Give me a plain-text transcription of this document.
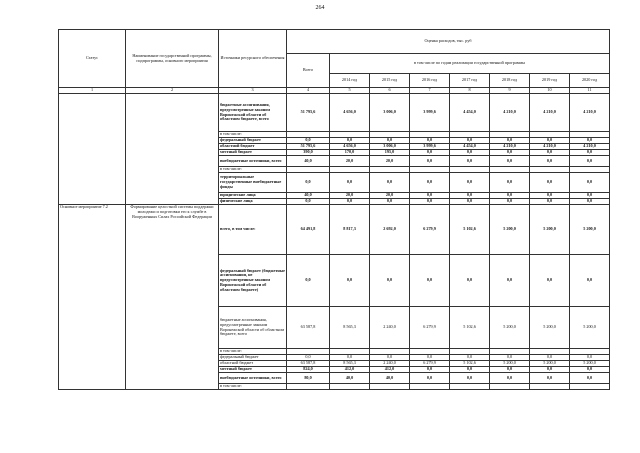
264
Статус	Наименование государственной программы, подпрограммы, основного мероприятия	Источники ресурсного обеспечения	Оценка расходов, тыс. руб							
			Всего	в том числе по годам реализации государственной программы						
				2014 год	2015 год	2016 год	2017 год	2018 год	2019 год	2020 год
1	2	3	4	5	6	7	8	9	10	11
		бюджетные ассигнования, предусмотренные законом Воронежской области об областном бюджете, всего	51 795,6	4 656,0	3 006,0	3 999,6	4 454,0	4 210,0	4 210,0	4 210,0
		в том числе:								
		федеральный бюджет	0,0	0,0	0,0	0,0	0,0	0,0	0,0	0,0
		областной бюджет	51 795,6	4 656,0	3 006,0	3 999,6	4 454,0	4 210,0	4 210,0	4 210,0
		местный бюджет	390,0	170,0	195,0	0,0	0,0	0,0	0,0	0,0
		внебюджетные источники, всего	40,0	20,0	20,0	0,0	0,0	0,0	0,0	0,0
		в том числе:								
		территориальные государственные внебюджетные фонды	0,0	0,0	0,0	0,0	0,0	0,0	0,0	0,0
		юридические лица	40,0	20,0	20,0	0,0	0,0	0,0	0,0	0,0
		физические лица	0,0	0,0	0,0	0,0	0,0	0,0	0,0	0,0
Основное мероприятие 7.2	Формирование целостной системы поддержки молодежи и подготовки его к службе в Вооруженных Силах Российской Федерации	всего, в том числе:	64 491,8	8 817,3	2 692,0	6 279,9	5 102,6	5 200,0	5 200,0	5 200,0
		федеральный бюджет (бюджетные ассигнования, не предусмотренные законом Воронежской области об областном бюджете)	0,0	0,0	0,0	0,0	0,0	0,0	0,0	0,0
		бюджетные ассигнования, предусмотренные законом Воронежской области об областном бюджете, всего	63 587,8	8 565,3	2 240,0	6 279,9	5 102,6	5 200,0	5 200,0	5 200,0
		в том числе:								
		федеральный бюджет	0,0	0,0	0,0	0,0	0,0	0,0	0,0	0,0
		областной бюджет	63 587,8	8 565,3	2 240,0	6 279,9	5 102,6	5 200,0	5 200,0	5 200,0
		местный бюджет	824,0	412,0	412,0	0,0	0,0	0,0	0,0	0,0
		внебюджетные источники, всего	80,0	40,0	40,0	0,0	0,0	0,0	0,0	0,0
		в том числе:								
